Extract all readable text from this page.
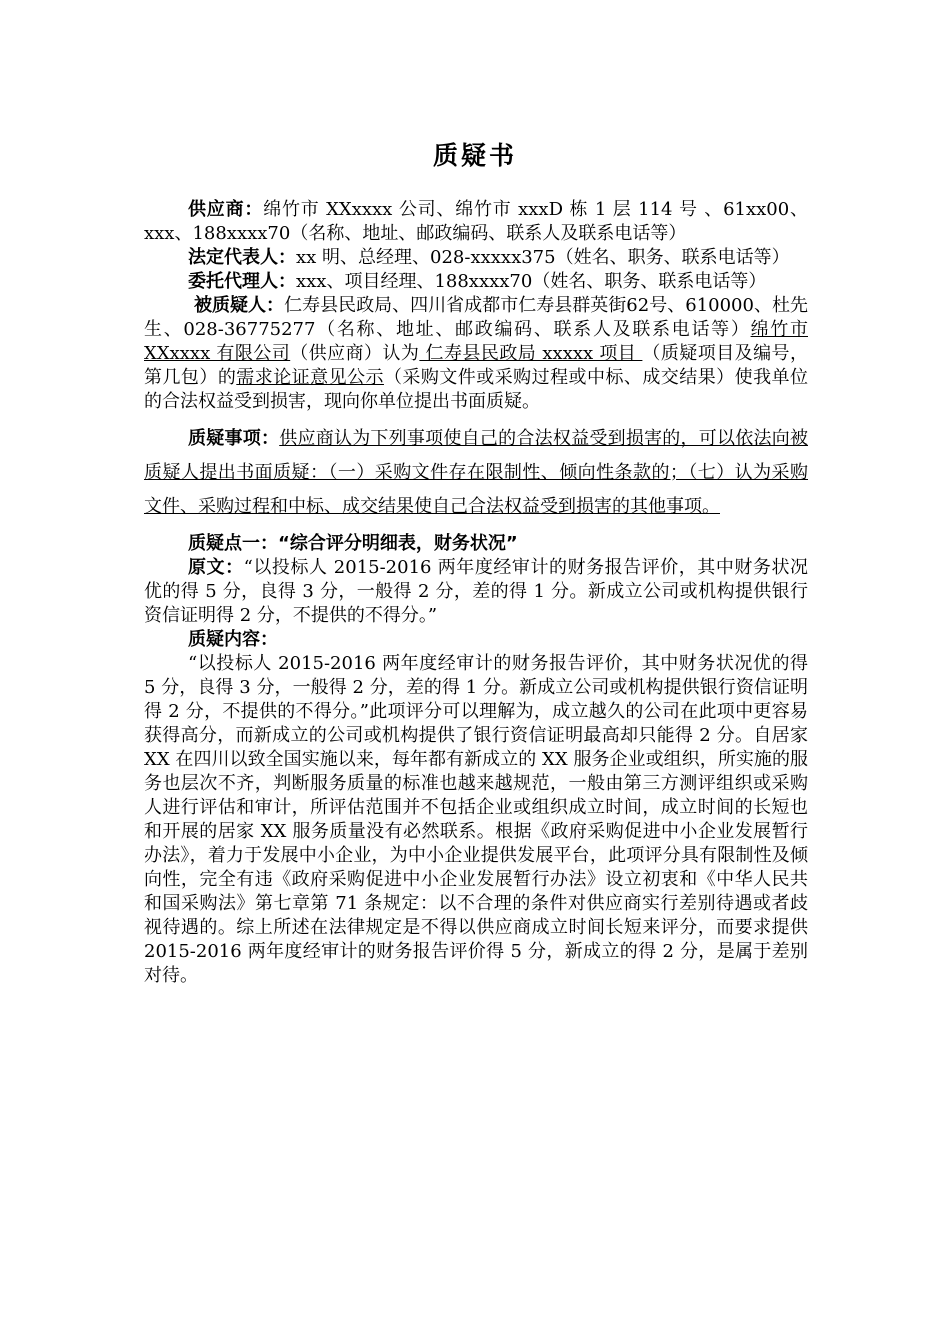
质疑书

供应商：绵竹市 XXxxxx 公司、绵竹市 xxxD 栋 1 层 114 号 、61xx00、xxx、188xxxx70（名称、地址、邮政编码、联系人及联系电话等）

法定代表人：xx 明、总经理、028-xxxxx375（姓名、职务、联系电话等）

委托代理人：xxx、项目经理、188xxxx70（姓名、职务、联系电话等）

被质疑人：仁寿县民政局、四川省成都市仁寿县群英街62号、610000、杜先生、028-36775277（名称、地址、邮政编码、联系人及联系电话等）绵竹市 XXxxxx 有限公司（供应商）认为 仁寿县民政局 xxxxx 项目 （质疑项目及编号，第几包）的需求论证意见公示（采购文件或采购过程或中标、成交结果）使我单位的合法权益受到损害，现向你单位提出书面质疑。

质疑事项：供应商认为下列事项使自己的合法权益受到损害的，可以依法向被质疑人提出书面质疑：（一）采购文件存在限制性、倾向性条款的；（七）认为采购文件、采购过程和中标、成交结果使自己合法权益受到损害的其他事项。

质疑点一：“综合评分明细表，财务状况”

原文：“以投标人 2015-2016 两年度经审计的财务报告评价，其中财务状况优的得 5 分，良得 3 分，一般得 2 分，差的得 1 分。新成立公司或机构提供银行资信证明得 2 分，不提供的不得分。”

质疑内容：

“以投标人 2015-2016 两年度经审计的财务报告评价，其中财务状况优的得 5 分，良得 3 分，一般得 2 分，差的得 1 分。新成立公司或机构提供银行资信证明得 2 分，不提供的不得分。”此项评分可以理解为，成立越久的公司在此项中更容易获得高分，而新成立的公司或机构提供了银行资信证明最高却只能得 2 分。自居家 XX 在四川以致全国实施以来，每年都有新成立的 XX 服务企业或组织，所实施的服务也层次不齐，判断服务质量的标准也越来越规范，一般由第三方测评组织或采购人进行评估和审计，所评估范围并不包括企业或组织成立时间，成立时间的长短也和开展的居家 XX 服务质量没有必然联系。根据《政府采购促进中小企业发展暂行办法》，着力于发展中小企业，为中小企业提供发展平台，此项评分具有限制性及倾向性，完全有违《政府采购促进中小企业发展暂行办法》设立初衷和《中华人民共和国采购法》第七章第 71 条规定：以不合理的条件对供应商实行差别待遇或者歧视待遇的。综上所述在法律规定是不得以供应商成立时间长短来评分，而要求提供 2015-2016 两年度经审计的财务报告评价得 5 分，新成立的得 2 分，是属于差别对待。
